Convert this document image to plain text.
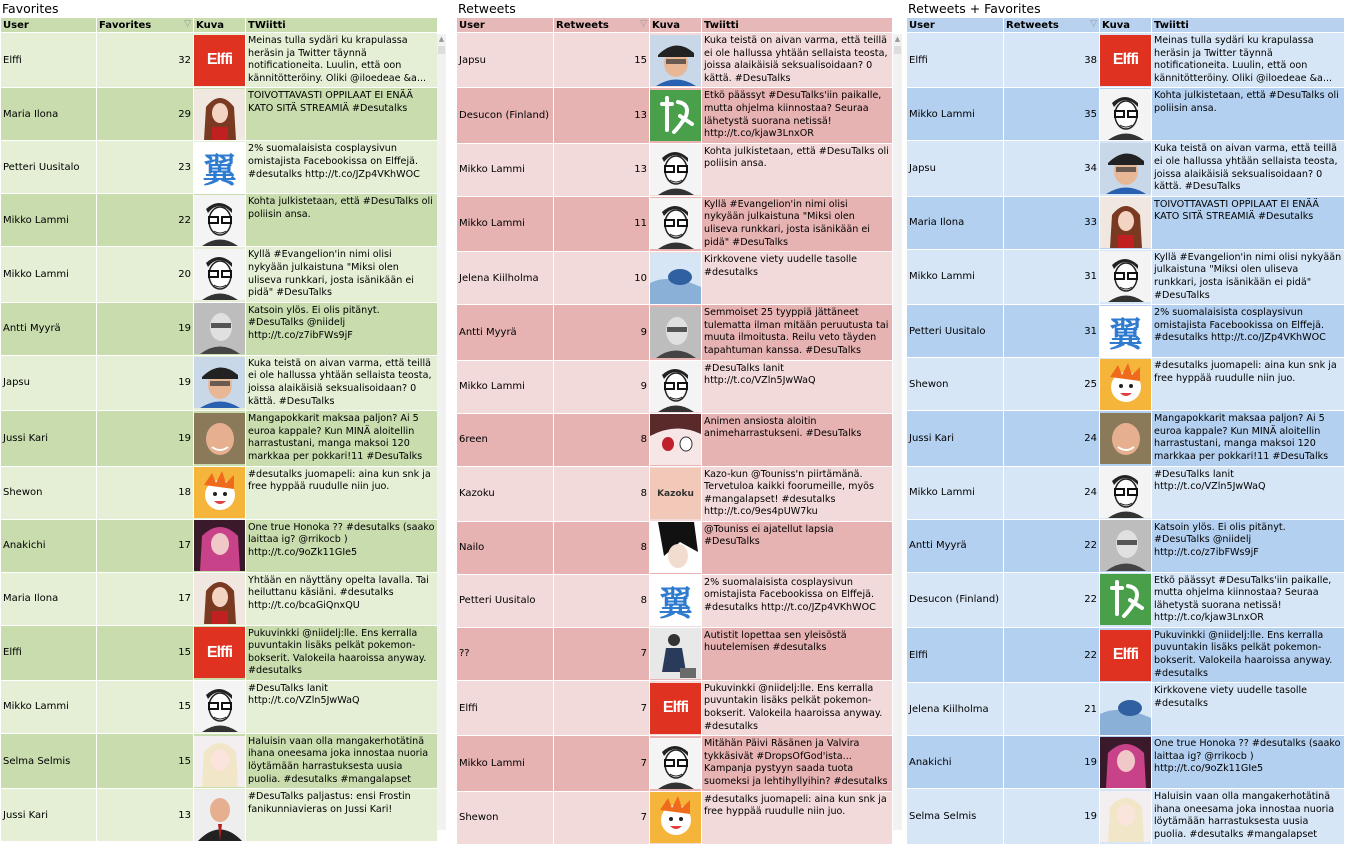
Favorites
User	Favorites ▽	Kuva	TWiitti
Elffi	32	Elffi	Meinas tulla sydäri ku krapulassa heräsin ja Twitter täynnä notificationeita. Luulin, että oon kännitötteröiny. Oliki @iloedeae &a...
Maria Ilona	29		TOIVOTTAVASTI OPPILAAT EI ENÄÄ KATO SITÄ STREAMIÄ #Desutalks
Petteri Uusitalo	23	翼	2% suomalaisista cosplaysivun omistajista Facebookissa on Elffejä. #desutalks http://t.co/JZp4VKhWOC
Mikko Lammi	22		Kohta julkistetaan, että #DesuTalks oli poliisin ansa.
Mikko Lammi	20		Kyllä #Evangelion'in nimi olisi nykyään julkaistuna "Miksi olen uliseva runkkari, josta isänikään ei pidä" #DesuTalks
Antti Myyrä	19		Katsoin ylös. Ei olis pitänyt. #DesuTalks @niidelj http://t.co/z7ibFWs9jF
Japsu	19		Kuka teistä on aivan varma, että teillä ei ole hallussa yhtään sellaista teosta, joissa alaikäisiä seksualisoidaan? 0 kättä. #DesuTalks
Jussi Kari	19		Mangapokkarit maksaa paljon? Ai 5 euroa kappale? Kun MINÄ aloitellin harrastustani, manga maksoi 120 markkaa per pokkari!11 #DesuTalks
Shewon	18		#desutalks juomapeli: aina kun snk ja free hyppää ruudulle niin juo.
Anakichi	17		One true Honoka ?? #desutalks (saako laittaa ig? @rrikocb ) http://t.co/9oZk11GIe5
Maria Ilona	17		Yhtään en näyttäny opelta lavalla. Tai heiluttanu käsiäni. #desutalks http://t.co/bcaGiQnxQU
Elffi	15	Elffi	Pukuvinkki @niidelj:lle. Ens kerralla puvuntakin lisäks pelkät pokemon-bokserit. Valokeila haaroissa anyway. #desutalks
Mikko Lammi	15		#DesuTalks lanit http://t.co/VZln5JwWaQ
Selma Selmis	15		Haluisin vaan olla mangakerhotätinä ihana oneesama joka innostaa nuoria löytämään harrastuksesta uusia puolia. #desutalks #mangalapset
Jussi Kari	13		#DesuTalks paljastus: ensi Frostin fanikunniavieras on Jussi Kari!
▲
Retweets
User	Retweets ▽	Kuva	Twiitti
Japsu	15		Kuka teistä on aivan varma, että teillä ei ole hallussa yhtään sellaista teosta, joissa alaikäisiä seksualisoidaan? 0 kättä. #DesuTalks
Desucon (Finland)	13		Etkö päässyt #DesuTalks'iin paikalle, mutta ohjelma kiinnostaa? Seuraa lähetystä suorana netissä! http://t.co/kjaw3LnxOR
Mikko Lammi	13		Kohta julkistetaan, että #DesuTalks oli poliisin ansa.
Mikko Lammi	11		Kyllä #Evangelion'in nimi olisi nykyään julkaistuna "Miksi olen uliseva runkkari, josta isänikään ei pidä" #DesuTalks
Jelena Kiilholma	10		Kirkkovene viety uudelle tasolle #desutalks
Antti Myyrä	9		Semmoiset 25 tyyppiä jättäneet tulematta ilman mitään peruutusta tai muuta ilmoitusta. Reilu veto täyden tapahtuman kanssa. #DesuTalks
Mikko Lammi	9		#DesuTalks lanit http://t.co/VZln5JwWaQ
6reen	8		Animen ansiosta aloitin animeharrastukseni. #DesuTalks
Kazoku	8	Kazoku	Kazo-kun @Touniss'n piirtämänä. Tervetuloa kaikki foorumeille, myös #mangalapset! #desutalks http://t.co/9es4pUW7ku
Nailo	8		@Touniss ei ajatellut lapsia #DesuTalks
Petteri Uusitalo	8	翼	2% suomalaisista cosplaysivun omistajista Facebookissa on Elffejä. #desutalks http://t.co/JZp4VKhWOC
??	7		Autistit lopettaa sen yleisöstä huutelemisen #desutalks
Elffi	7	Elffi	Pukuvinkki @niidelj:lle. Ens kerralla puvuntakin lisäks pelkät pokemon-bokserit. Valokeila haaroissa anyway. #desutalks
Mikko Lammi	7		Mitähän Päivi Räsänen ja Valvira tykkäsivät #DropsOfGod'ista... Kampanja pystyyn saada tuota suomeksi ja lehtihyllyihin? #desutalks
Shewon	7		#desutalks juomapeli: aina kun snk ja free hyppää ruudulle niin juo.
▲
Retweets + Favorites
User	Retweets ▽	Kuva	Twiitti
Elffi	38	Elffi	Meinas tulla sydäri ku krapulassa heräsin ja Twitter täynnä notificationeita. Luulin, että oon kännitötteröiny. Oliki @iloedeae &a...
Mikko Lammi	35		Kohta julkistetaan, että #DesuTalks oli poliisin ansa.
Japsu	34		Kuka teistä on aivan varma, että teillä ei ole hallussa yhtään sellaista teosta, joissa alaikäisiä seksualisoidaan? 0 kättä. #DesuTalks
Maria Ilona	33		TOIVOTTAVASTI OPPILAAT EI ENÄÄ KATO SITÄ STREAMIÄ #Desutalks
Mikko Lammi	31		Kyllä #Evangelion'in nimi olisi nykyään julkaistuna "Miksi olen uliseva runkkari, josta isänikään ei pidä" #DesuTalks
Petteri Uusitalo	31	翼	2% suomalaisista cosplaysivun omistajista Facebookissa on Elffejä. #desutalks http://t.co/JZp4VKhWOC
Shewon	25		#desutalks juomapeli: aina kun snk ja free hyppää ruudulle niin juo.
Jussi Kari	24		Mangapokkarit maksaa paljon? Ai 5 euroa kappale? Kun MINÄ aloitellin harrastustani, manga maksoi 120 markkaa per pokkari!11 #DesuTalks
Mikko Lammi	24		#DesuTalks lanit http://t.co/VZln5JwWaQ
Antti Myyrä	22		Katsoin ylös. Ei olis pitänyt. #DesuTalks @niidelj http://t.co/z7ibFWs9jF
Desucon (Finland)	22		Etkö päässyt #DesuTalks'iin paikalle, mutta ohjelma kiinnostaa? Seuraa lähetystä suorana netissä! http://t.co/kjaw3LnxOR
Elffi	22	Elffi	Pukuvinkki @niidelj:lle. Ens kerralla puvuntakin lisäks pelkät pokemon-bokserit. Valokeila haaroissa anyway. #desutalks
Jelena Kiilholma	21		Kirkkovene viety uudelle tasolle #desutalks
Anakichi	19		One true Honoka ?? #desutalks (saako laittaa ig? @rrikocb ) http://t.co/9oZk11GIe5
Selma Selmis	19		Haluisin vaan olla mangakerhotätinä ihana oneesama joka innostaa nuoria löytämään harrastuksesta uusia puolia. #desutalks #mangalapset
